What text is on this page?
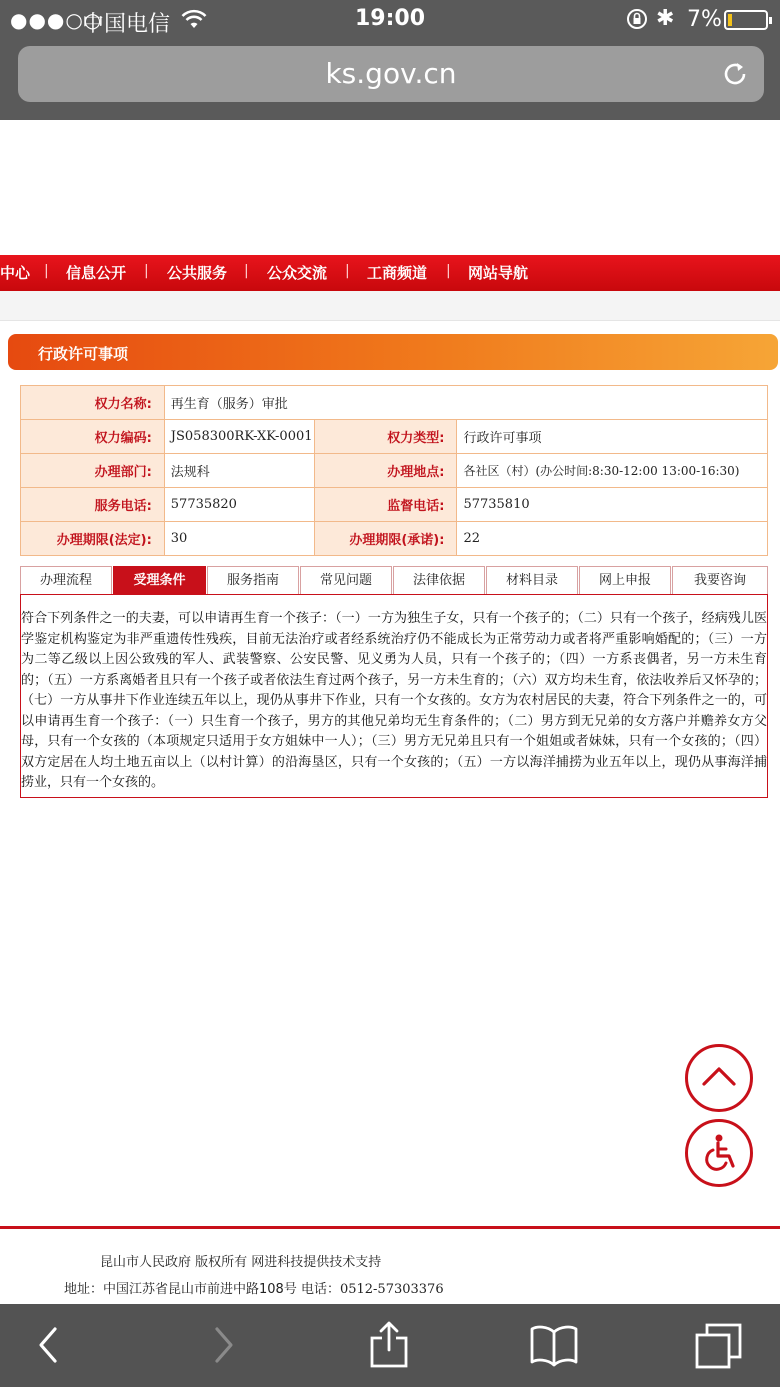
●●●○○
中国电信	19:00	✱ 7%
ks.gov.cn
中心 | 信息公开 | 公共服务 | 公众交流 | 工商频道 | 网站导航
行政许可事项
权力名称:	再生育（服务）审批		
权力编码:	JS058300RK-XK-0001	权力类型:	行政许可事项
办理部门:	法规科	办理地点:	各社区（村）(办公时间:8:30-12:00 13:00-16:30)
服务电话:	57735820	监督电话:	57735810
办理期限(法定):	30	办理期限(承诺):	22
办理流程	受理条件	服务指南	常见问题	法律依据	材料目录	网上申报	我要咨询

符合下列条件之一的夫妻，可以申请再生育一个孩子：（一）一方为独生子女，只有一个孩子的；（二）只有一个孩子，经病残儿医学鉴定机构鉴定为非严重遗传性残疾，目前无法治疗或者经系统治疗仍不能成长为正常劳动力或者将严重影响婚配的；（三）一方为二等乙级以上因公致残的军人、武装警察、公安民警、见义勇为人员，只有一个孩子的；（四）一方系丧偶者，另一方未生育的；（五）一方系离婚者且只有一个孩子或者依法生育过两个孩子，另一方未生育的；（六）双方均未生育，依法收养后又怀孕的；（七）一方从事井下作业连续五年以上，现仍从事井下作业，只有一个女孩的。女方为农村居民的夫妻，符合下列条件之一的，可以申请再生育一个孩子：（一）只生育一个孩子，男方的其他兄弟均无生育条件的；（二）男方到无兄弟的女方落户并赡养女方父母，只有一个女孩的（本项规定只适用于女方姐妹中一人）；（三）男方无兄弟且只有一个姐姐或者妹妹，只有一个女孩的；（四）双方定居在人均土地五亩以上（以村计算）的沿海垦区，只有一个女孩的；（五）一方以海洋捕捞为业五年以上，现仍从事海洋捕捞业，只有一个女孩的。

昆山市人民政府 版权所有 网进科技提供技术支持
地址：中国江苏省昆山市前进中路108号 电话：0512-57303376
